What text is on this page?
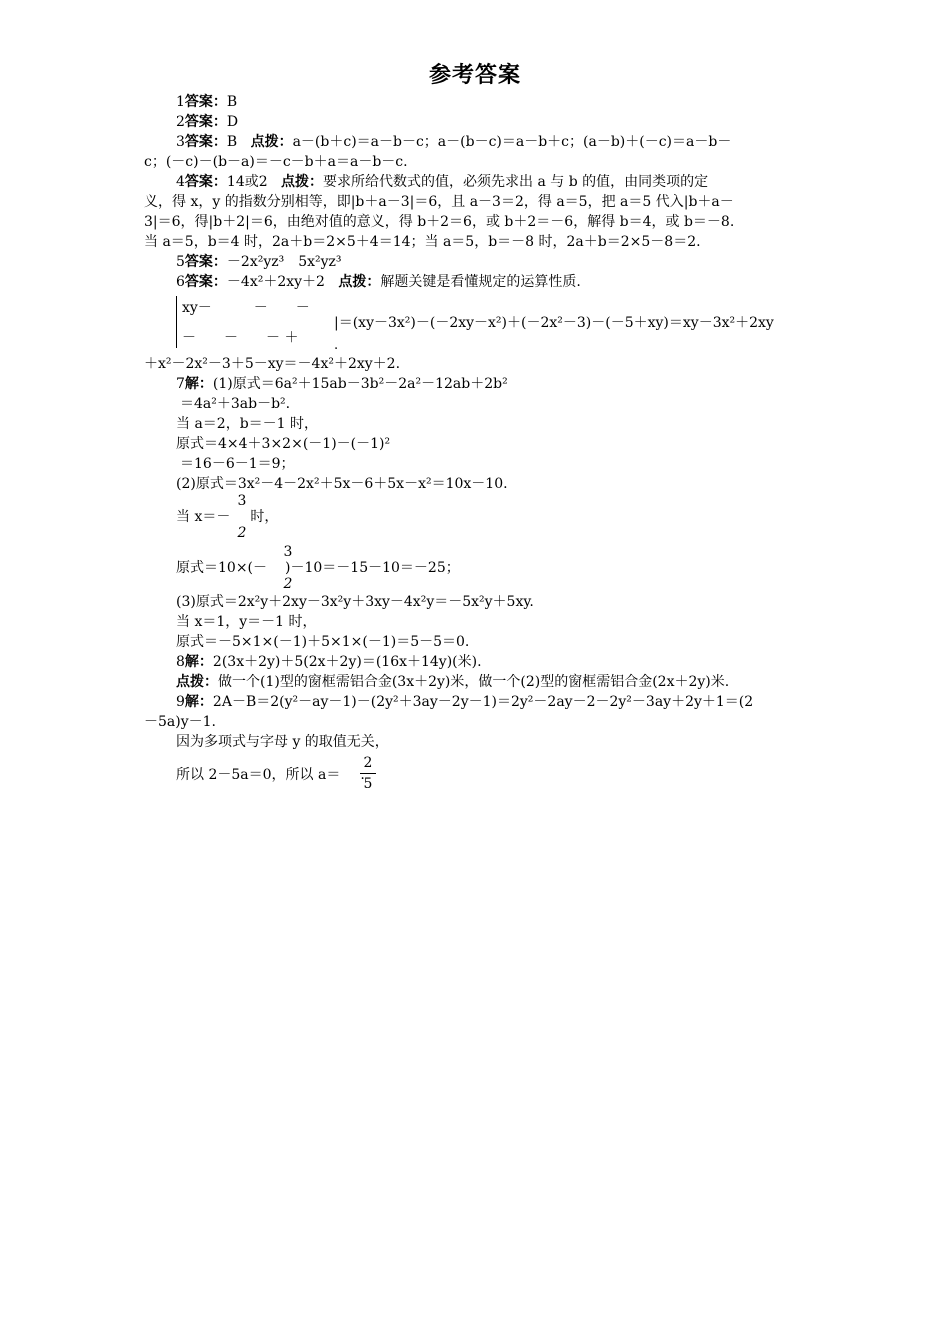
参考答案
1答案：B
2答案：D
3答案：B 点拨：a－(b＋c)＝a－b－c；a－(b－c)＝a－b＋c；(a－b)＋(－c)＝a－b－
c；(－c)－(b－a)＝－c－b＋a＝a－b－c.
4答案：14或2 点拨：要求所给代数式的值，必须先求出 a 与 b 的值，由同类项的定
义，得 x，y 的指数分别相等，即|b＋a－3|＝6，且 a－3＝2，得 a＝5，把 a＝5 代入|b＋a－
3|＝6，得|b＋2|＝6，由绝对值的意义，得 b＋2＝6，或 b＋2＝－6，解得 b＝4，或 b＝－8.
当 a＝5，b＝4 时，2a＋b＝2×5＋4＝14；当 a＝5，b＝－8 时，2a＋b＝2×5－8＝2.
5答案：－2x²yz³　5x²yz³
6答案：－4x²＋2xy＋2 点拨：解题关键是看懂规定的运算性质.
xy－　　　－　　－
－　　－　　－ ＋	.
|＝(xy－3x²)－(－2xy－x²)＋(－2x²－3)－(－5＋xy)＝xy－3x²＋2xy
＋x²－2x²－3＋5－xy＝－4x²＋2xy＋2.
7解：(1)原式＝6a²＋15ab－3b²－2a²－12ab＋2b²
＝4a²＋3ab－b².
当 a＝2，b＝－1 时，
原式＝4×4＋3×2×(－1)－(－1)²
＝16－6－1＝9；
(2)原式＝3x²－4－2x²＋5x－6＋5x－x²＝10x－10.
当 x＝－ 时，
3
2
原式＝10×(－ )－10＝－15－10＝－25；
3
2
(3)原式＝2x²y＋2xy－3x²y＋3xy－4x²y＝－5x²y＋5xy.
当 x＝1，y＝－1 时，
原式＝－5×1×(－1)＋5×1×(－1)＝5－5＝0.
8解：2(3x＋2y)＋5(2x＋2y)＝(16x＋14y)(米).
点拨：做一个(1)型的窗框需铝合金(3x＋2y)米，做一个(2)型的窗框需铝合金(2x＋2y)米.
9解：2A－B＝2(y²－ay－1)－(2y²＋3ay－2y－1)＝2y²－2ay－2－2y²－3ay＋2y＋1＝(2
－5a)y－1.
因为多项式与字母 y 的取值无关，
所以 2－5a＝0，所以 a＝ .
2
5
